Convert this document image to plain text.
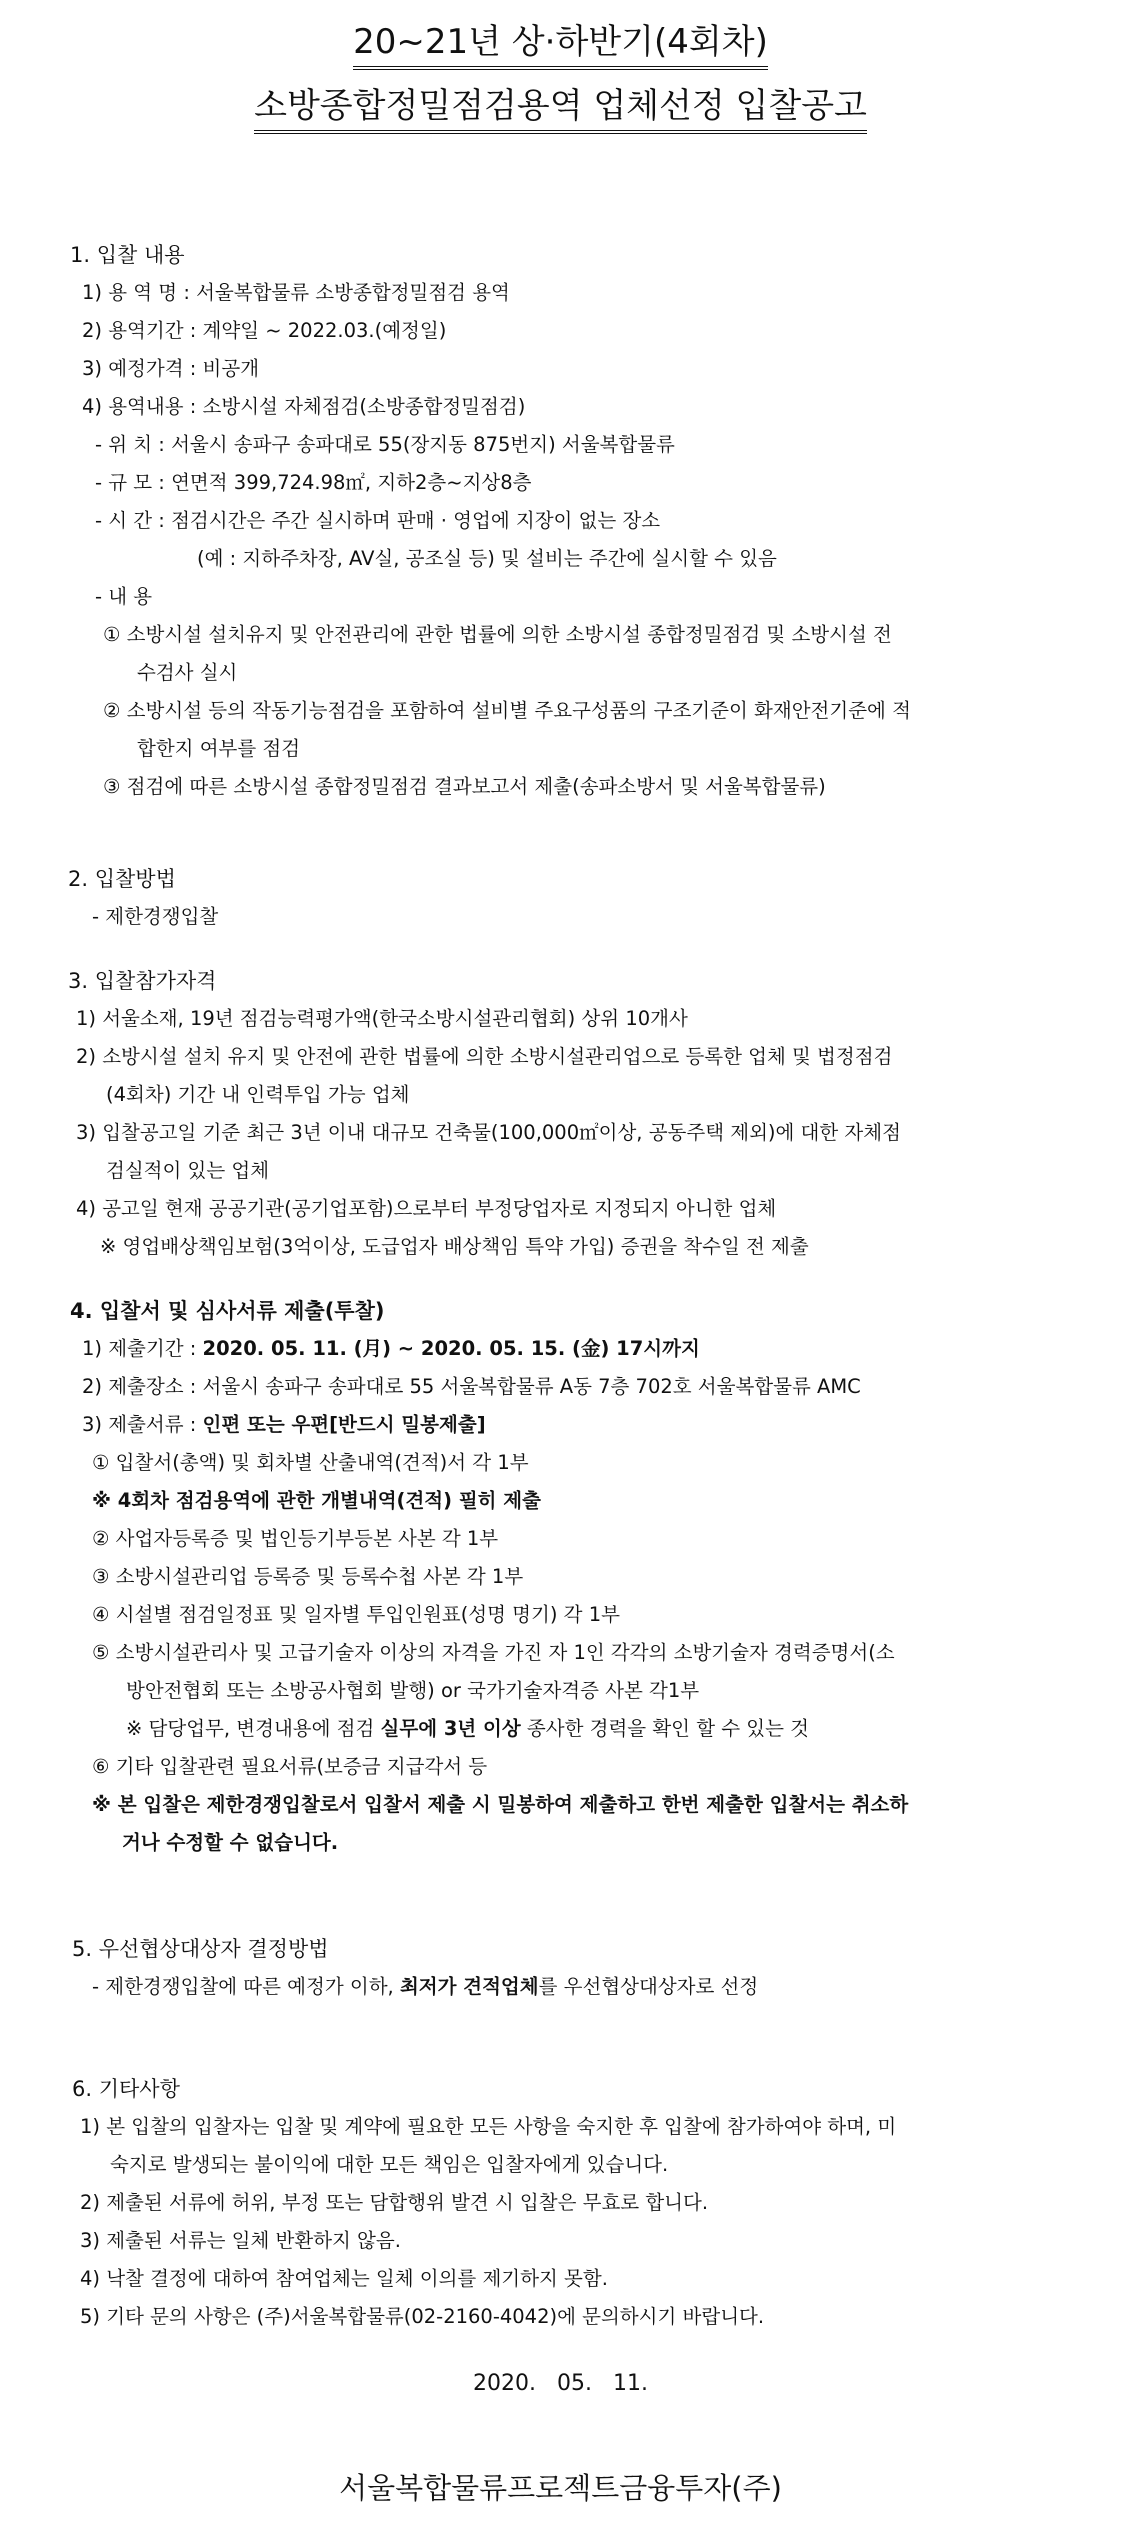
20~21년 상·하반기(4회차)
소방종합정밀점검용역 업체선정 입찰공고
1. 입찰 내용
1) 용 역 명 : 서울복합물류 소방종합정밀점검 용역
2) 용역기간 : 계약일 ~ 2022.03.(예정일)
3) 예정가격 : 비공개
4) 용역내용 : 소방시설 자체점검(소방종합정밀점검)
- 위 치 : 서울시 송파구 송파대로 55(장지동 875번지) 서울복합물류
- 규 모 : 연면적 399,724.98㎡, 지하2층~지상8층
- 시 간 : 점검시간은 주간 실시하며 판매 · 영업에 지장이 없는 장소
(예 : 지하주차장, AV실, 공조실 등) 및 설비는 주간에 실시할 수 있음
- 내 용
① 소방시설 설치유지 및 안전관리에 관한 법률에 의한 소방시설 종합정밀점검 및 소방시설 전
수검사 실시
② 소방시설 등의 작동기능점검을 포함하여 설비별 주요구성품의 구조기준이 화재안전기준에 적
합한지 여부를 점검
③ 점검에 따른 소방시설 종합정밀점검 결과보고서 제출(송파소방서 및 서울복합물류)
2. 입찰방법
- 제한경쟁입찰
3. 입찰참가자격
1) 서울소재, 19년 점검능력평가액(한국소방시설관리협회) 상위 10개사
2) 소방시설 설치 유지 및 안전에 관한 법률에 의한 소방시설관리업으로 등록한 업체 및 법정점검
(4회차) 기간 내 인력투입 가능 업체
3) 입찰공고일 기준 최근 3년 이내 대규모 건축물(100,000㎡이상, 공동주택 제외)에 대한 자체점
검실적이 있는 업체
4) 공고일 현재 공공기관(공기업포함)으로부터 부정당업자로 지정되지 아니한 업체
※ 영업배상책임보험(3억이상, 도급업자 배상책임 특약 가입) 증권을 착수일 전 제출
4. 입찰서 및 심사서류 제출(투찰)
1) 제출기간 : 2020. 05. 11. (月) ~ 2020. 05. 15. (金) 17시까지
2) 제출장소 : 서울시 송파구 송파대로 55 서울복합물류 A동 7층 702호 서울복합물류 AMC
3) 제출서류 : 인편 또는 우편[반드시 밀봉제출]
① 입찰서(총액) 및 회차별 산출내역(견적)서 각 1부
※ 4회차 점검용역에 관한 개별내역(견적) 필히 제출
② 사업자등록증 및 법인등기부등본 사본 각 1부
③ 소방시설관리업 등록증 및 등록수첩 사본 각 1부
④ 시설별 점검일정표 및 일자별 투입인원표(성명 명기) 각 1부
⑤ 소방시설관리사 및 고급기술자 이상의 자격을 가진 자 1인 각각의 소방기술자 경력증명서(소
방안전협회 또는 소방공사협회 발행) or 국가기술자격증 사본 각1부
※ 담당업무, 변경내용에 점검 실무에 3년 이상 종사한 경력을 확인 할 수 있는 것
⑥ 기타 입찰관련 필요서류(보증금 지급각서 등
※ 본 입찰은 제한경쟁입찰로서 입찰서 제출 시 밀봉하여 제출하고 한번 제출한 입찰서는 취소하
거나 수정할 수 없습니다.
5. 우선협상대상자 결정방법
- 제한경쟁입찰에 따른 예정가 이하, 최저가 견적업체를 우선협상대상자로 선정
6. 기타사항
1) 본 입찰의 입찰자는 입찰 및 계약에 필요한 모든 사항을 숙지한 후 입찰에 참가하여야 하며, 미
숙지로 발생되는 불이익에 대한 모든 책임은 입찰자에게 있습니다.
2) 제출된 서류에 허위, 부정 또는 담합행위 발견 시 입찰은 무효로 합니다.
3) 제출된 서류는 일체 반환하지 않음.
4) 낙찰 결정에 대하여 참여업체는 일체 이의를 제기하지 못함.
5) 기타 문의 사항은 (주)서울복합물류(02-2160-4042)에 문의하시기 바랍니다.
2020.   05.   11.
서울복합물류프로젝트금융투자(주)
